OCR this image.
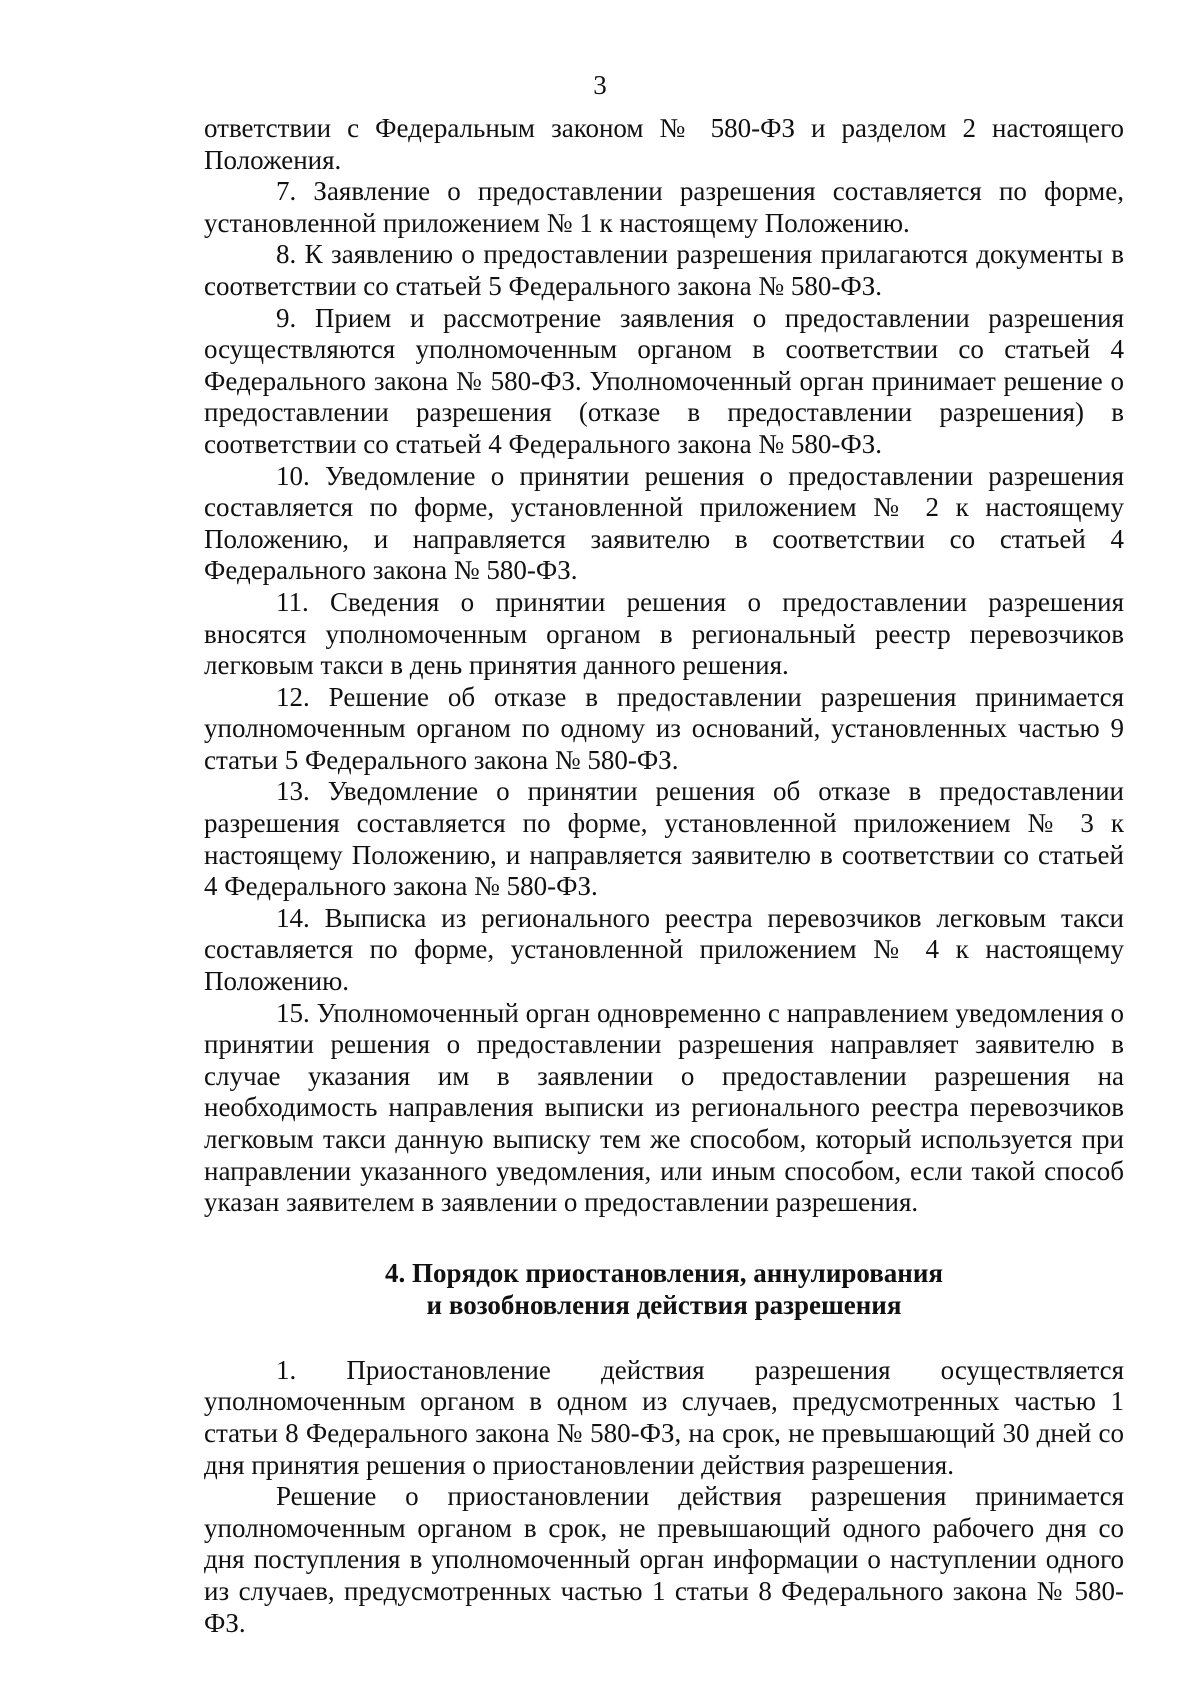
3

ответствии с Федеральным законом № 580-ФЗ и разделом 2 настоящего Положения.

7. Заявление о предоставлении разрешения составляется по форме, установленной приложением № 1 к настоящему Положению.

8. К заявлению о предоставлении разрешения прилагаются документы в соответствии со статьей 5 Федерального закона № 580-ФЗ.

9. Прием и рассмотрение заявления о предоставлении разрешения осуществляются уполномоченным органом в соответствии со статьей 4 Федерального закона № 580-ФЗ. Уполномоченный орган принимает решение о предоставлении разрешения (отказе в предоставлении разрешения) в соответствии со статьей 4 Федерального закона № 580-ФЗ.

10. Уведомление о принятии решения о предоставлении разрешения составляется по форме, установленной приложением № 2 к настоящему Положению, и направляется заявителю в соответствии со статьей 4 Федерального закона № 580-ФЗ.

11. Сведения о принятии решения о предоставлении разрешения вносятся уполномоченным органом в региональный реестр перевозчиков легковым такси в день принятия данного решения.

12. Решение об отказе в предоставлении разрешения принимается уполномоченным органом по одному из оснований, установленных частью 9 статьи 5 Федерального закона № 580-ФЗ.

13. Уведомление о принятии решения об отказе в предоставлении разрешения составляется по форме, установленной приложением № 3 к настоящему Положению, и направляется заявителю в соответствии со статьей 4 Федерального закона № 580-ФЗ.

14. Выписка из регионального реестра перевозчиков легковым такси составляется по форме, установленной приложением № 4 к настоящему Положению.

15. Уполномоченный орган одновременно с направлением уведомления о принятии решения о предоставлении разрешения направляет заявителю в случае указания им в заявлении о предоставлении разрешения на необходимость направления выписки из регионального реестра перевозчиков легковым такси данную выписку тем же способом, который используется при направлении указанного уведомления, или иным способом, если такой способ указан заявителем в заявлении о предоставлении разрешения.

4. Порядок приостановления, аннулирования
и возобновления действия разрешения

1. Приостановление действия разрешения осуществляется уполномоченным органом в одном из случаев, предусмотренных частью 1 статьи 8 Федерального закона № 580-ФЗ, на срок, не превышающий 30 дней со дня принятия решения о приостановлении действия разрешения.

Решение о приостановлении действия разрешения принимается уполномоченным органом в срок, не превышающий одного рабочего дня со дня поступления в уполномоченный орган информации о наступлении одного из случаев, предусмотренных частью 1 статьи 8 Федерального закона № 580-ФЗ.
